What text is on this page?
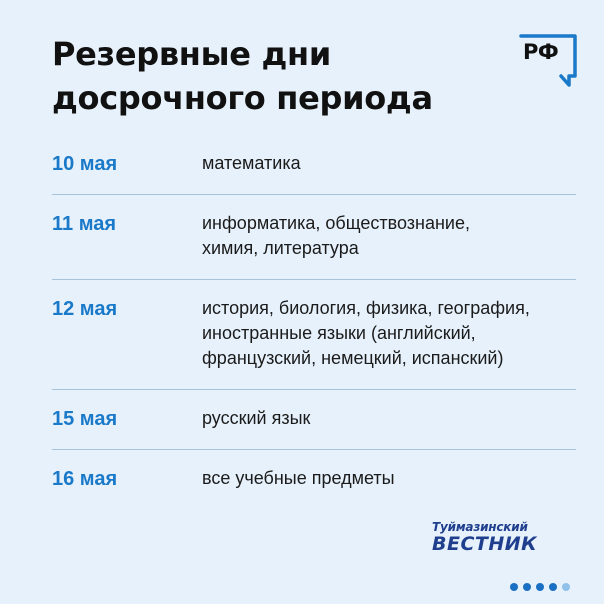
Резервные дни
досрочного периода
РФ
10 мая	математика
11 мая	информатика, обществознание,
химия, литература
12 мая	история, биология, физика, география,
иностранные языки (английский,
французский, немецкий, испанский)
15 мая	русский язык
16 мая	все учебные предметы
Туймазинский
ВЕСТНИК
